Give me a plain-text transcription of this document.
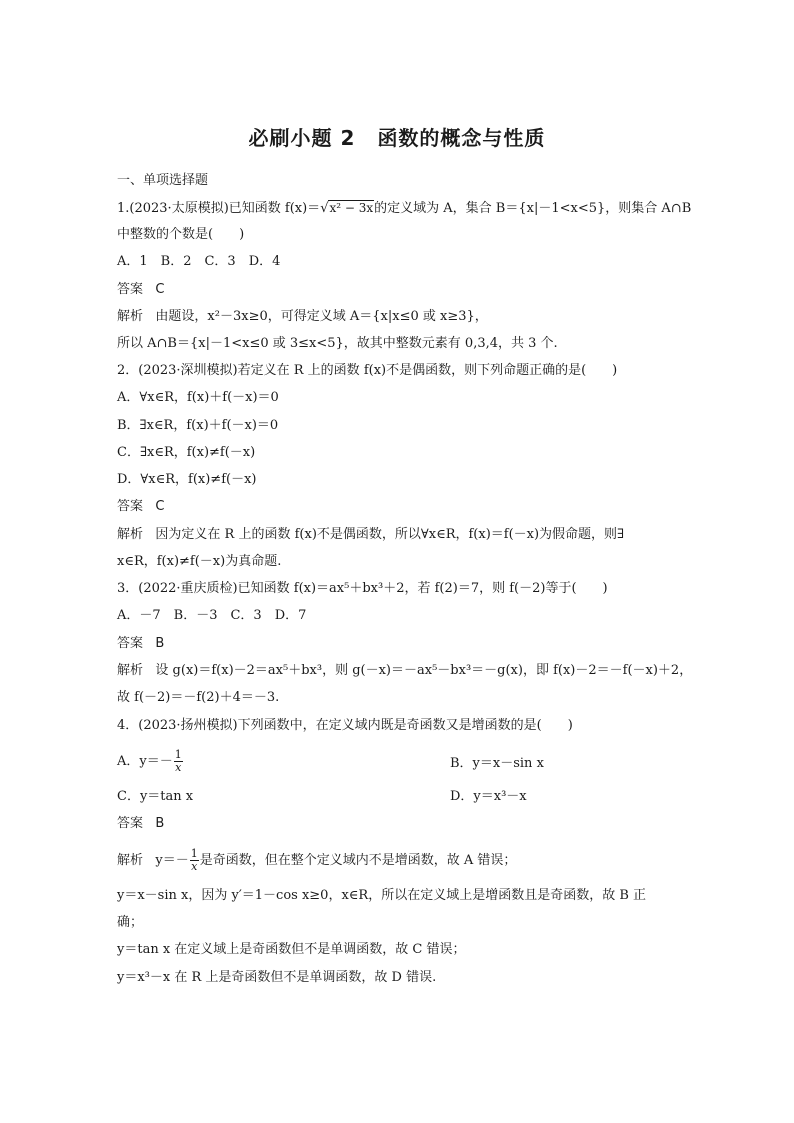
必刷小题 2 函数的概念与性质
一、单项选择题
1.(2023·太原模拟)已知函数 f(x)＝√x² − 3x的定义域为 A，集合 B＝{x|－1<x<5}，则集合 A∩B
中整数的个数是(　　)
A．1　B．2　C．3　D．4
答案 C
解析 由题设，x²－3x≥0，可得定义域 A＝{x|x≤0 或 x≥3}，
所以 A∩B＝{x|－1<x≤0 或 3≤x<5}，故其中整数元素有 0,3,4，共 3 个.
2．(2023·深圳模拟)若定义在 R 上的函数 f(x)不是偶函数，则下列命题正确的是(　　)
A．∀x∈R，f(x)＋f(－x)＝0
B．∃x∈R，f(x)＋f(－x)＝0
C．∃x∈R，f(x)≠f(－x)
D．∀x∈R，f(x)≠f(－x)
答案 C
解析 因为定义在 R 上的函数 f(x)不是偶函数，所以∀x∈R，f(x)＝f(－x)为假命题，则∃
x∈R，f(x)≠f(－x)为真命题.
3．(2022·重庆质检)已知函数 f(x)＝ax⁵＋bx³＋2，若 f(2)＝7，则 f(－2)等于(　　)
A．－7　B．－3　C．3　D．7
答案 B
解析 设 g(x)＝f(x)－2＝ax⁵＋bx³，则 g(－x)＝－ax⁵－bx³＝－g(x)，即 f(x)－2＝－f(－x)＋2，
故 f(－2)＝－f(2)＋4＝－3.
4．(2023·扬州模拟)下列函数中，在定义域内既是奇函数又是增函数的是(　　)
A．$y=- \frac{1}{x}$	B．y＝x－sin x
C．y＝tan x	D．y＝x³－x
答案 B
解析 $y=- \frac{1}{x}$ 是奇函数，但在整个定义域内不是增函数，故 A 错误；
y＝x－sin x，因为 y′＝1－cos x≥0，x∈R，所以在定义域上是增函数且是奇函数，故 B 正
确；
y＝tan x 在定义域上是奇函数但不是单调函数，故 C 错误；
y＝x³－x 在 R 上是奇函数但不是单调函数，故 D 错误.
